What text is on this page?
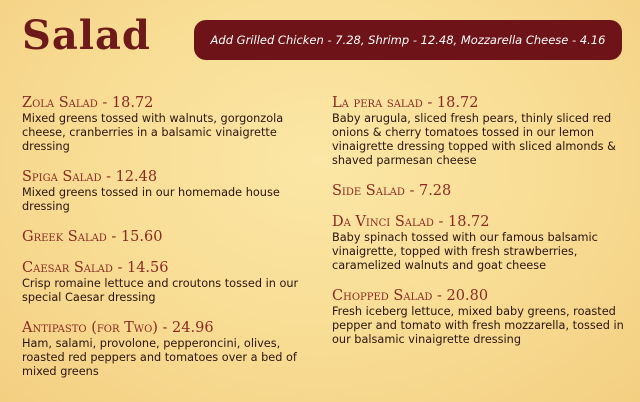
Salad	Add Grilled Chicken - 7.28, Shrimp - 12.48, Mozzarella Cheese - 4.16
Zola Salad - 18.72
Mixed greens tossed with walnuts, gorgonzola cheese, cranberries in a balsamic vinaigrette dressing
Spiga Salad - 12.48
Mixed greens tossed in our homemade house dressing
Greek Salad - 15.60
Caesar Salad - 14.56
Crisp romaine lettuce and croutons tossed in our special Caesar dressing
Antipasto (for Two) - 24.96
Ham, salami, provolone, pepperoncini, olives, roasted red peppers and tomatoes over a bed of mixed greens
La pera salad - 18.72
Baby arugula, sliced fresh pears, thinly sliced red onions & cherry tomatoes tossed in our lemon vinaigrette dressing topped with sliced almonds & shaved parmesan cheese
Side Salad - 7.28
Da Vinci Salad - 18.72
Baby spinach tossed with our famous balsamic vinaigrette, topped with fresh strawberries, caramelized walnuts and goat cheese
Chopped Salad - 20.80
Fresh iceberg lettuce, mixed baby greens, roasted pepper and tomato with fresh mozzarella, tossed in our balsamic vinaigrette dressing
